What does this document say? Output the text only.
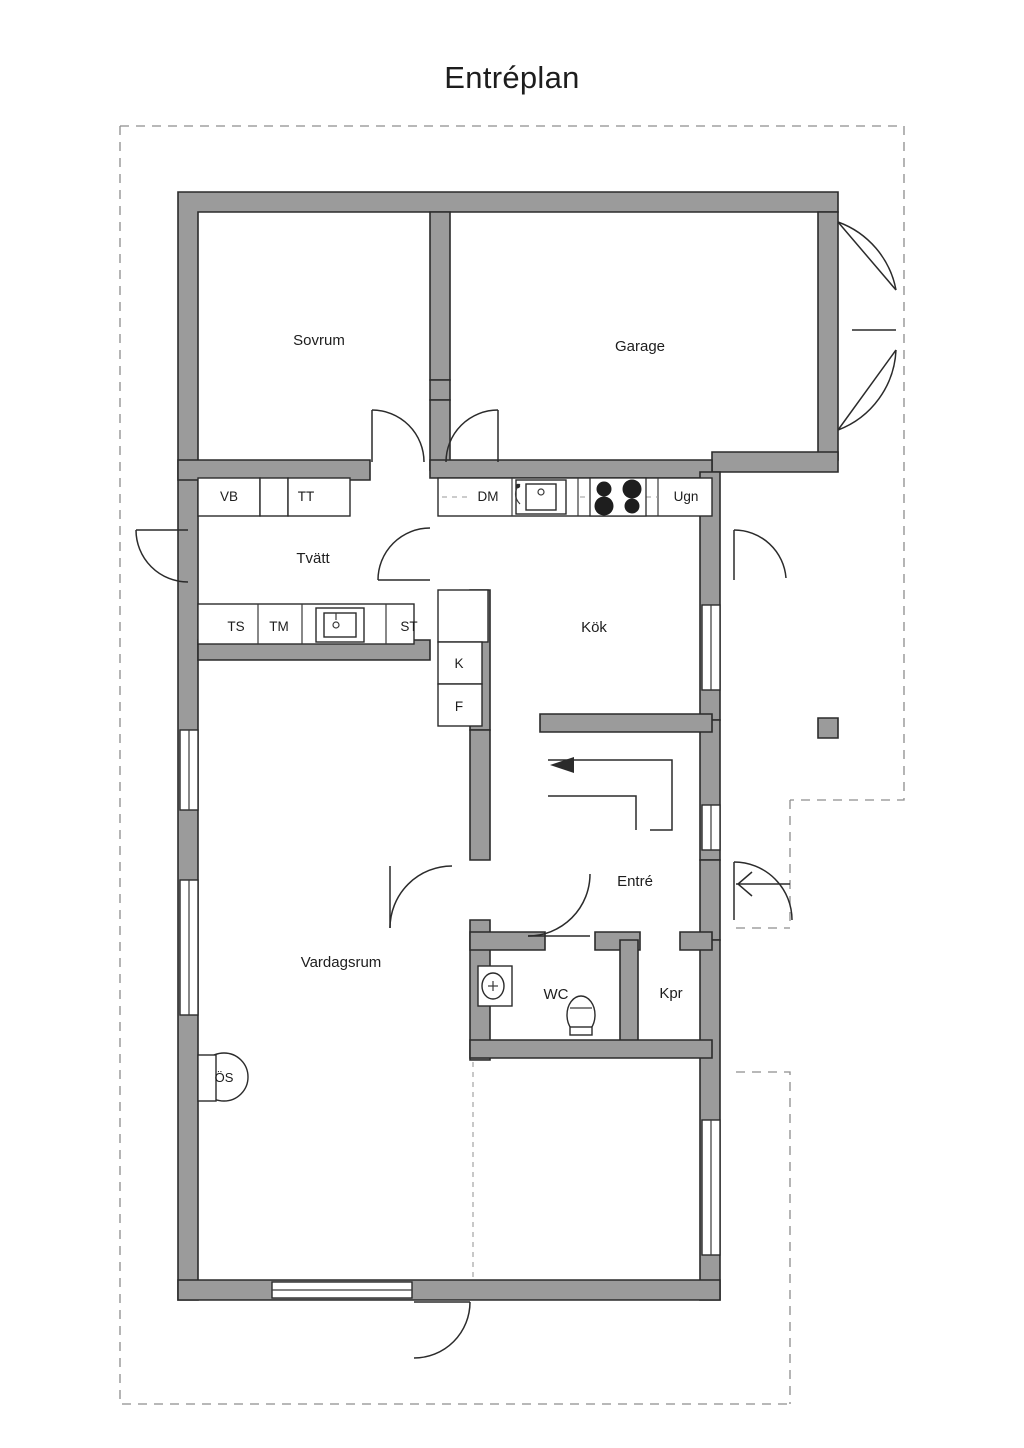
Entréplan
Sovrum	Garage
Tvätt
Kök
Entré
Vardagsrum
WC	Kpr
VB	TT	DM	Ugn
TS TM	ST
K
F
ÖS
